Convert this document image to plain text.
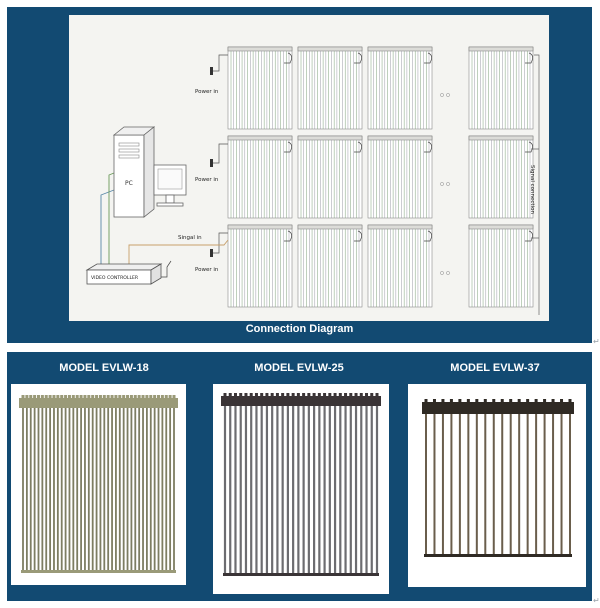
PC
VIDEO CONTROLLER
Power in
Power in
Power in
Singal in
Signal connection
Connection Diagram
↵
MODEL EVLW-18	MODEL EVLW-25	MODEL EVLW-37
↵
